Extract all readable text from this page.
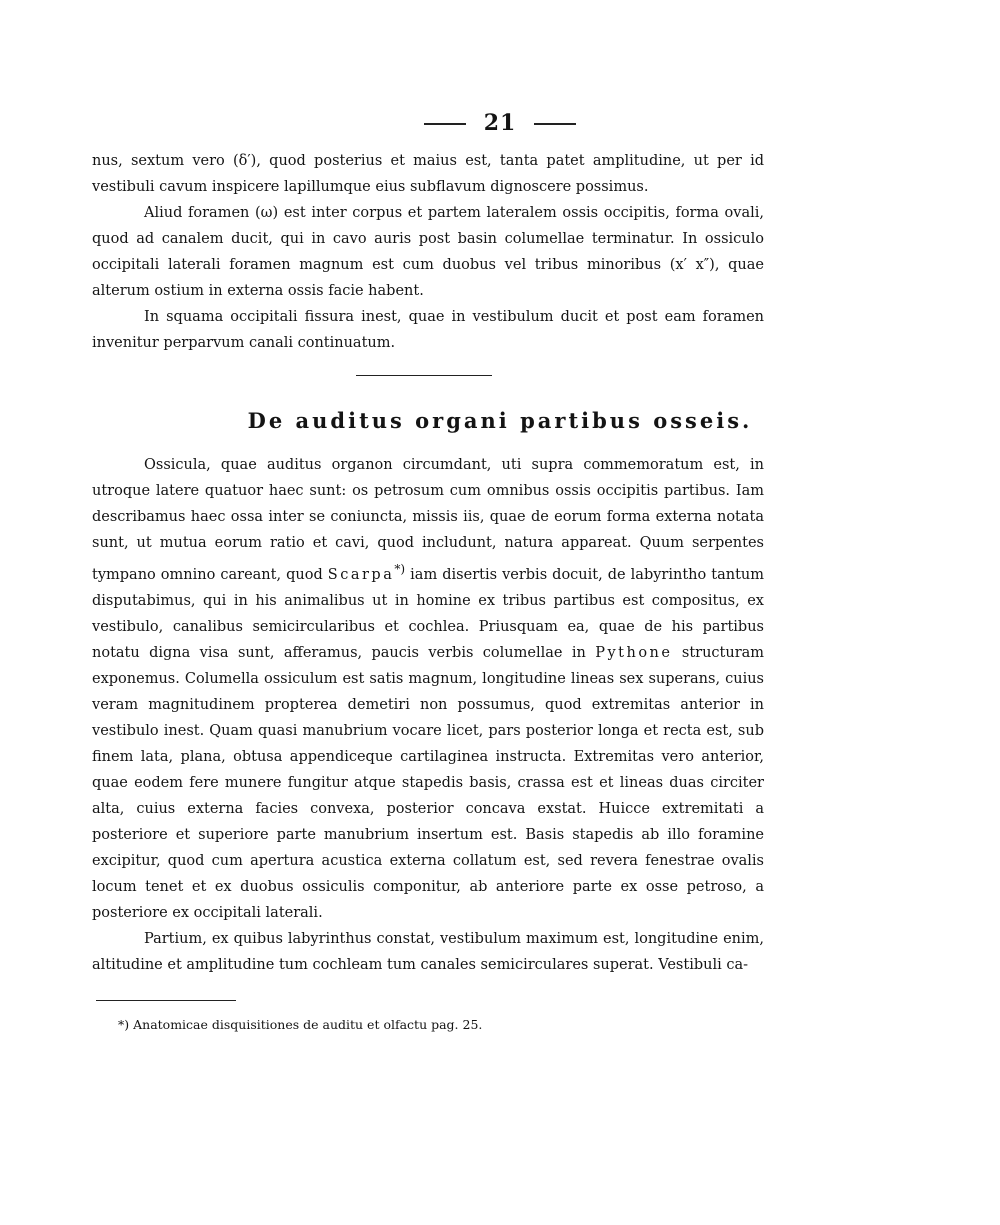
21

nus, sextum vero (δ′), quod posterius et maius est, tanta patet amplitudine, ut per id vestibuli cavum inspicere lapillumque eius subflavum dignoscere possimus.

Aliud foramen (ω) est inter corpus et partem lateralem ossis occipitis, forma ovali, quod ad canalem ducit, qui in cavo auris post basin columellae terminatur. In ossiculo occipitali laterali foramen magnum est cum duobus vel tribus minoribus (x′ x″), quae alterum ostium in externa ossis facie habent.

In squama occipitali fissura inest, quae in vestibulum ducit et post eam foramen invenitur perparvum canali continuatum.

De auditus organi partibus osseis.

Ossicula, quae auditus organon circumdant, uti supra commemoratum est, in utroque latere quatuor haec sunt: os petrosum cum omnibus ossis occipitis partibus. Iam describamus haec ossa inter se coniuncta, missis iis, quae de eorum forma externa notata sunt, ut mutua eorum ratio et cavi, quod includunt, natura appareat. Quum serpentes tympano omnino careant, quod Scarpa*) iam disertis verbis docuit, de labyrintho tantum disputabimus, qui in his animalibus ut in homine ex tribus partibus est compositus, ex vestibulo, canalibus semicircularibus et cochlea. Priusquam ea, quae de his partibus notatu digna visa sunt, afferamus, paucis verbis columellae in Pythone structuram exponemus. Columella ossiculum est satis magnum, longitudine lineas sex superans, cuius veram magnitudinem propterea demetiri non possumus, quod extremitas anterior in vestibulo inest. Quam quasi manubrium vocare licet, pars posterior longa et recta est, sub finem lata, plana, obtusa appendiceque cartilaginea instructa. Extremitas vero anterior, quae eodem fere munere fungitur atque stapedis basis, crassa est et lineas duas circiter alta, cuius externa facies convexa, posterior concava exstat. Huicce extremitati a posteriore et superiore parte manubrium insertum est. Basis stapedis ab illo foramine excipitur, quod cum apertura acustica externa collatum est, sed revera fenestrae ovalis locum tenet et ex duobus ossiculis componitur, ab anteriore parte ex osse petroso, a posteriore ex occipitali laterali.

Partium, ex quibus labyrinthus constat, vestibulum maximum est, longitudine enim, altitudine et amplitudine tum cochleam tum canales semicirculares superat. Vestibuli ca-

*) Anatomicae disquisitiones de auditu et olfactu pag. 25.
